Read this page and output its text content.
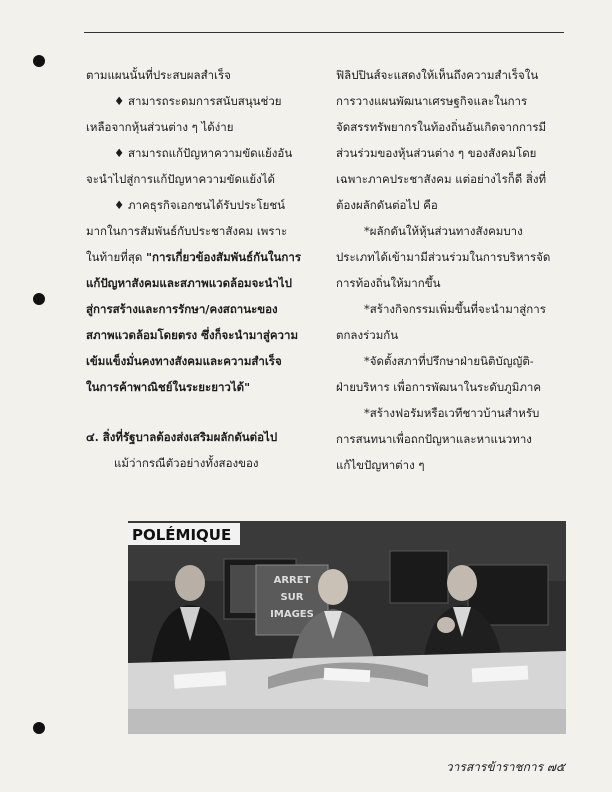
ตามแผนนั้นที่ประสบผลสำเร็จ

♦ สามารถระดมการสนับสนุนช่วย

เหลือจากหุ้นส่วนต่าง ๆ ได้ง่าย

♦ สามารถแก้ปัญหาความขัดแย้งอัน

จะนำไปสู่การแก้ปัญหาความขัดแย้งได้

♦ ภาคธุรกิจเอกชนได้รับประโยชน์

มากในการสัมพันธ์กับประชาสังคม เพราะ

ในท้ายที่สุด "การเกี่ยวข้องสัมพันธ์กันในการ

แก้ปัญหาสังคมและสภาพแวดล้อมจะนำไป

สู่การสร้างและการรักษา/คงสถานะของ

สภาพแวดล้อมโดยตรง ซึ่งก็จะนำมาสู่ความ

เข้มแข็งมั่นคงทางสังคมและความสำเร็จ

ในการค้าพาณิชย์ในระยะยาวได้"

๔. สิ่งที่รัฐบาลต้องส่งเสริมผลักดันต่อไป

แม้ว่ากรณีตัวอย่างทั้งสองของ

ฟิลิปปินส์จะแสดงให้เห็นถึงความสำเร็จใน

การวางแผนพัฒนาเศรษฐกิจและในการ

จัดสรรทรัพยากรในท้องถิ่นอันเกิดจากการมี

ส่วนร่วมของหุ้นส่วนต่าง ๆ ของสังคมโดย

เฉพาะภาคประชาสังคม แต่อย่างไรก็ดี สิ่งที่

ต้องผลักดันต่อไป คือ

*ผลักดันให้หุ้นส่วนทางสังคมบาง

ประเภทได้เข้ามามีส่วนร่วมในการบริหารจัด

การท้องถิ่นให้มากขึ้น

*สร้างกิจกรรมเพิ่มขึ้นที่จะนำมาสู่การ

ตกลงร่วมกัน

*จัดตั้งสภาที่ปรึกษาฝ่ายนิติบัญญัติ-

ฝ่ายบริหาร เพื่อการพัฒนาในระดับภูมิภาค

*สร้างฟอรัมหรือเวทีชาวบ้านสำหรับ

การสนทนาเพื่อถกปัญหาและหาแนวทาง

แก้ไขปัญหาต่าง ๆ

POLÉMIQUE
ARRET
SUR
IMAGES
วารสารข้าราชการ ๗๕
